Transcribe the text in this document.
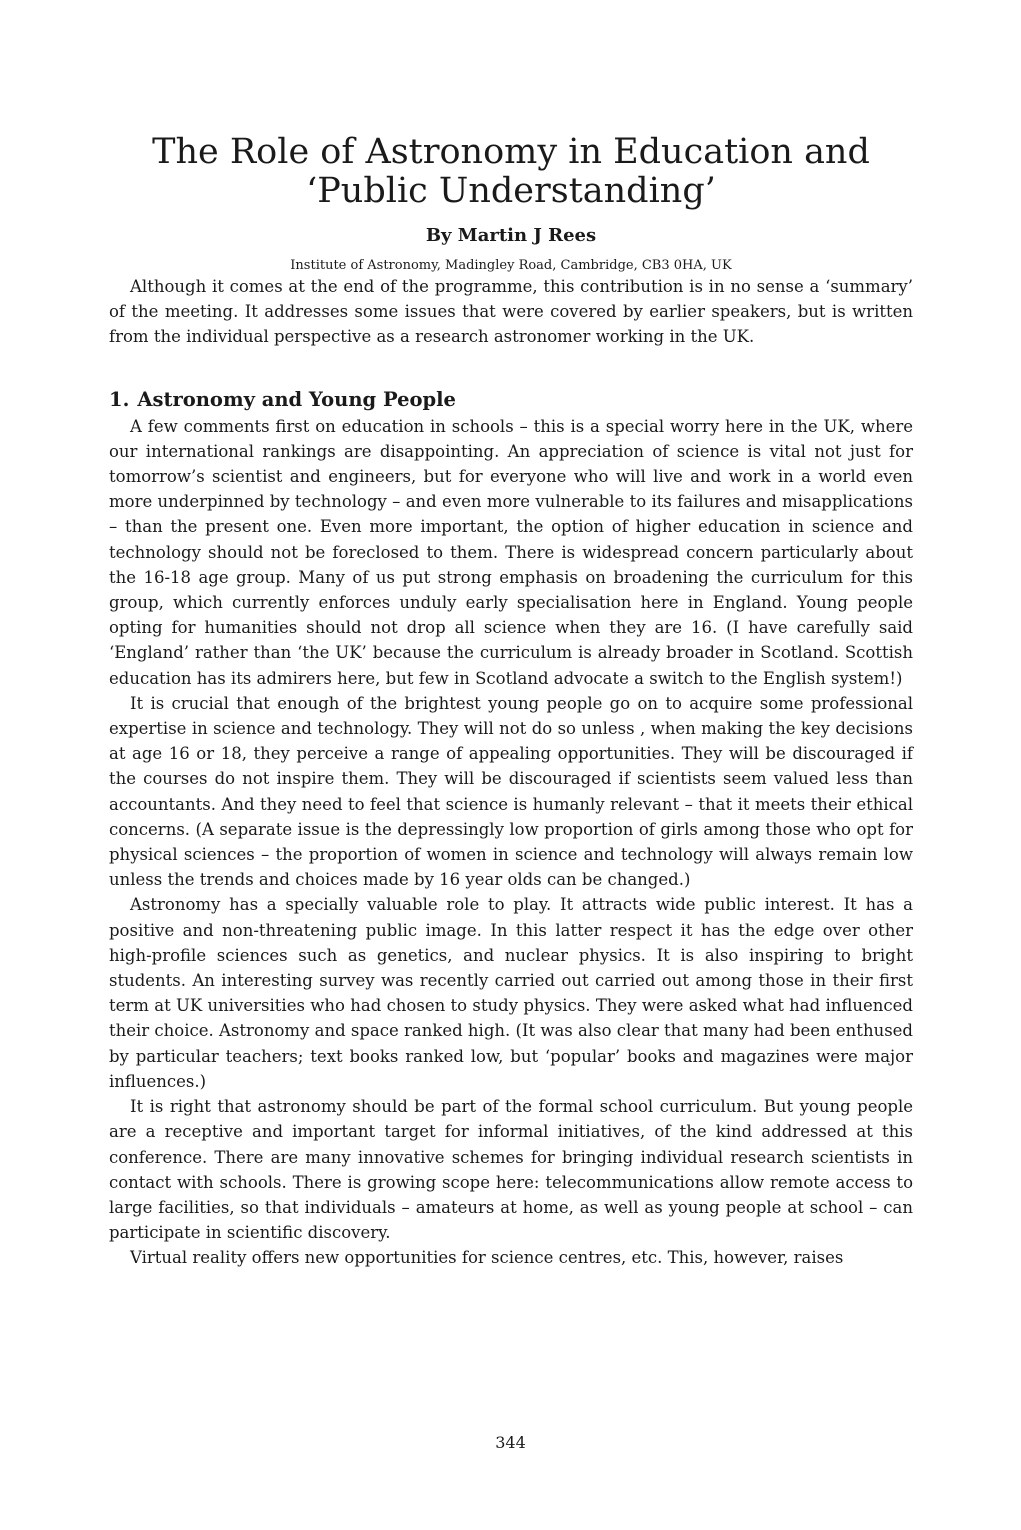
The Role of Astronomy in Education and
‘Public Understanding’
By Martin J Rees
Institute of Astronomy, Madingley Road, Cambridge, CB3 0HA, UK

Although it comes at the end of the programme, this contribution is in no sense a ‘summary’ of the meeting. It addresses some issues that were covered by earlier speakers, but is written from the individual perspective as a research astronomer working in the UK.

1. Astronomy and Young People

A few comments first on education in schools – this is a special worry here in the UK, where our international rankings are disappointing. An appreciation of science is vital not just for tomorrow’s scientist and engineers, but for everyone who will live and work in a world even more underpinned by technology – and even more vulnerable to its failures and misapplications – than the present one. Even more important, the option of higher education in science and technology should not be foreclosed to them. There is widespread concern particularly about the 16-18 age group. Many of us put strong emphasis on broadening the curriculum for this group, which currently enforces unduly early specialisation here in England. Young people opting for humanities should not drop all science when they are 16. (I have carefully said ‘England’ rather than ‘the UK’ because the curriculum is already broader in Scotland. Scottish education has its admirers here, but few in Scotland advocate a switch to the English system!)

It is crucial that enough of the brightest young people go on to acquire some professional expertise in science and technology. They will not do so unless , when making the key decisions at age 16 or 18, they perceive a range of appealing opportunities. They will be discouraged if the courses do not inspire them. They will be discouraged if scientists seem valued less than accountants. And they need to feel that science is humanly relevant – that it meets their ethical concerns. (A separate issue is the depressingly low proportion of girls among those who opt for physical sciences – the proportion of women in science and technology will always remain low unless the trends and choices made by 16 year olds can be changed.)

Astronomy has a specially valuable role to play. It attracts wide public interest. It has a positive and non-threatening public image. In this latter respect it has the edge over other high-profile sciences such as genetics, and nuclear physics. It is also inspiring to bright students. An interesting survey was recently carried out carried out among those in their first term at UK universities who had chosen to study physics. They were asked what had influenced their choice. Astronomy and space ranked high. (It was also clear that many had been enthused by particular teachers; text books ranked low, but ‘popular’ books and magazines were major influences.)

It is right that astronomy should be part of the formal school curriculum. But young people are a receptive and important target for informal initiatives, of the kind addressed at this conference. There are many innovative schemes for bringing individual research scientists in contact with schools. There is growing scope here: telecommunications allow remote access to large facilities, so that individuals – amateurs at home, as well as young people at school – can participate in scientific discovery.

Virtual reality offers new opportunities for science centres, etc. This, however, raises

344
